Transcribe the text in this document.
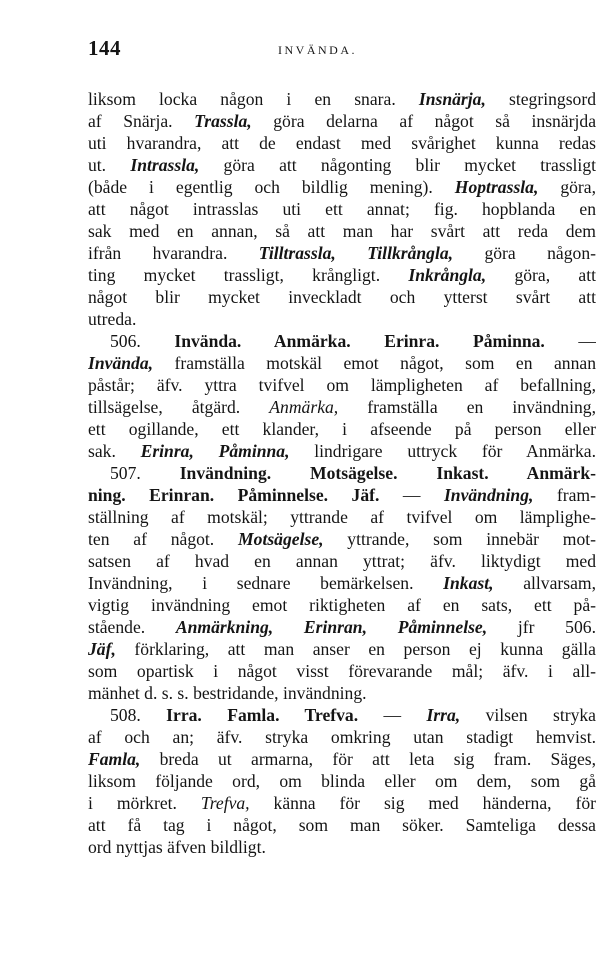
144	INVÄNDA.
liksom locka någon i en snara. Insnärja, stegringsord
af Snärja. Trassla, göra delarna af något så insnärjda
uti hvarandra, att de endast med svårighet kunna redas
ut. Intrassla, göra att någonting blir mycket trassligt
(både i egentlig och bildlig mening). Hoptrassla, göra,
att något intrasslas uti ett annat; fig. hopblanda en
sak med en annan, så att man har svårt att reda dem
ifrån hvarandra. Tilltrassla, Tillkrångla, göra någon-
ting mycket trassligt, krångligt. Inkrångla, göra, att
något blir mycket inveckladt och ytterst svårt att
utreda.
506. Invända. Anmärka. Erinra. Påminna. —
Invända, framställa motskäl emot något, som en annan
påstår; äfv. yttra tvifvel om lämpligheten af befallning,
tillsägelse, åtgärd. Anmärka, framställa en invändning,
ett ogillande, ett klander, i afseende på person eller
sak. Erinra, Påminna, lindrigare uttryck för Anmärka.
507. Invändning. Motsägelse. Inkast. Anmärk-
ning. Erinran. Påminnelse. Jäf. — Invändning, fram-
ställning af motskäl; yttrande af tvifvel om lämplighe-
ten af något. Motsägelse, yttrande, som innebär mot-
satsen af hvad en annan yttrat; äfv. liktydigt med
Invändning, i sednare bemärkelsen. Inkast, allvarsam,
vigtig invändning emot riktigheten af en sats, ett på-
stående. Anmärkning, Erinran, Påminnelse, jfr 506.
Jäf, förklaring, att man anser en person ej kunna gälla
som opartisk i något visst förevarande mål; äfv. i all-
mänhet d. s. s. bestridande, invändning.
508. Irra. Famla. Trefva. — Irra, vilsen stryka
af och an; äfv. stryka omkring utan stadigt hemvist.
Famla, breda ut armarna, för att leta sig fram. Säges,
liksom följande ord, om blinda eller om dem, som gå
i mörkret. Trefva, känna för sig med händerna, för
att få tag i något, som man söker. Samteliga dessa
ord nyttjas äfven bildligt.
